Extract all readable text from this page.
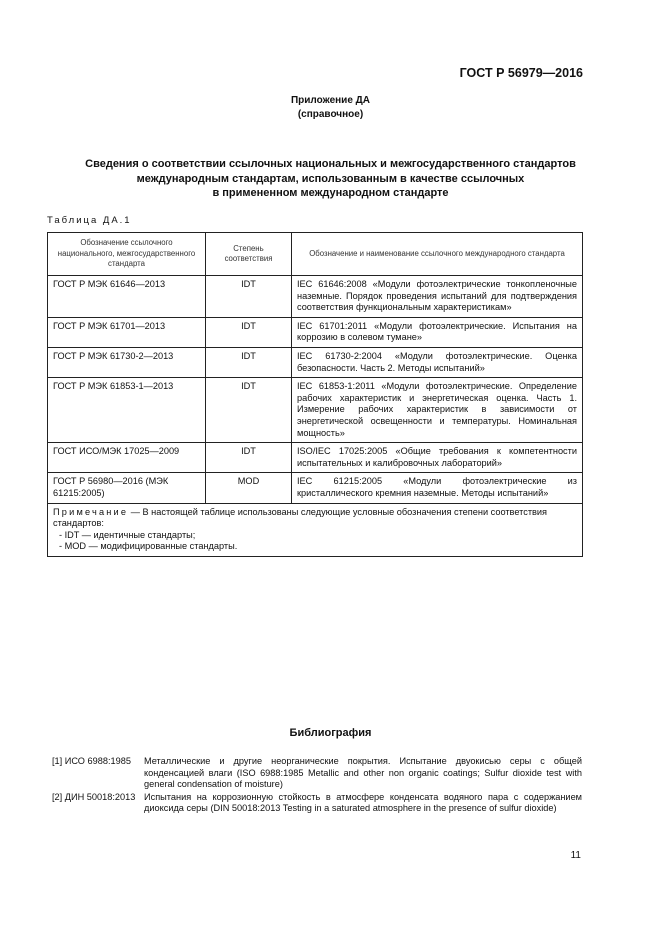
ГОСТ Р 56979—2016
Приложение ДА
(справочное)
Сведения о соответствии ссылочных национальных и межгосударственного стандартов
международным стандартам, использованным в качестве ссылочных
в примененном международном стандарте
Таблица ДА.1
Обозначение ссылочного национального, межгосударственного стандарта	Степень соответствия	Обозначение и наименование ссылочного международного стандарта
ГОСТ Р МЭК 61646—2013	IDT	IEC 61646:2008 «Модули фотоэлектрические тонкопленочные наземные. Порядок проведения испытаний для подтверждения соответствия функциональным характеристикам»
ГОСТ Р МЭК 61701—2013	IDT	IEC 61701:2011 «Модули фотоэлектрические. Испытания на коррозию в солевом тумане»
ГОСТ Р МЭК 61730-2—2013	IDT	IEC 61730-2:2004 «Модули фотоэлектрические. Оценка безопасности. Часть 2. Методы испытаний»
ГОСТ Р МЭК 61853-1—2013	IDT	IEC 61853-1:2011 «Модули фотоэлектрические. Определение рабочих характеристик и энергетическая оценка. Часть 1. Измерение рабочих характеристик в зависимости от энергетической освещенности и температуры. Номинальная мощность»
ГОСТ ИСО/МЭК 17025—2009	IDT	ISO/IEC 17025:2005 «Общие требования к компетентности испытательных и калибровочных лабораторий»
ГОСТ Р 56980—2016 (МЭК 61215:2005)	MOD	IEC 61215:2005 «Модули фотоэлектрические из кристаллического кремния наземные. Методы испытаний»
Примечание — В настоящей таблице использованы следующие условные обозначения степени соответствия стандартов:
- IDT — идентичные стандарты;
- MOD — модифицированные стандарты.		
Библиография
[1] ИСО 6988:1985	Металлические и другие неорганические покрытия. Испытание двуокисью серы с общей конденсацией влаги (ISO 6988:1985 Metallic and other non organic coatings; Sulfur dioxide test with general condensation of moisture)
[2] ДИН 50018:2013 Испытания на коррозионную стойкость в атмосфере конденсата водяного пара с содержанием диоксида серы (DIN 50018:2013 Testing in a saturated atmosphere in the presence of sulfur dioxide)
11
